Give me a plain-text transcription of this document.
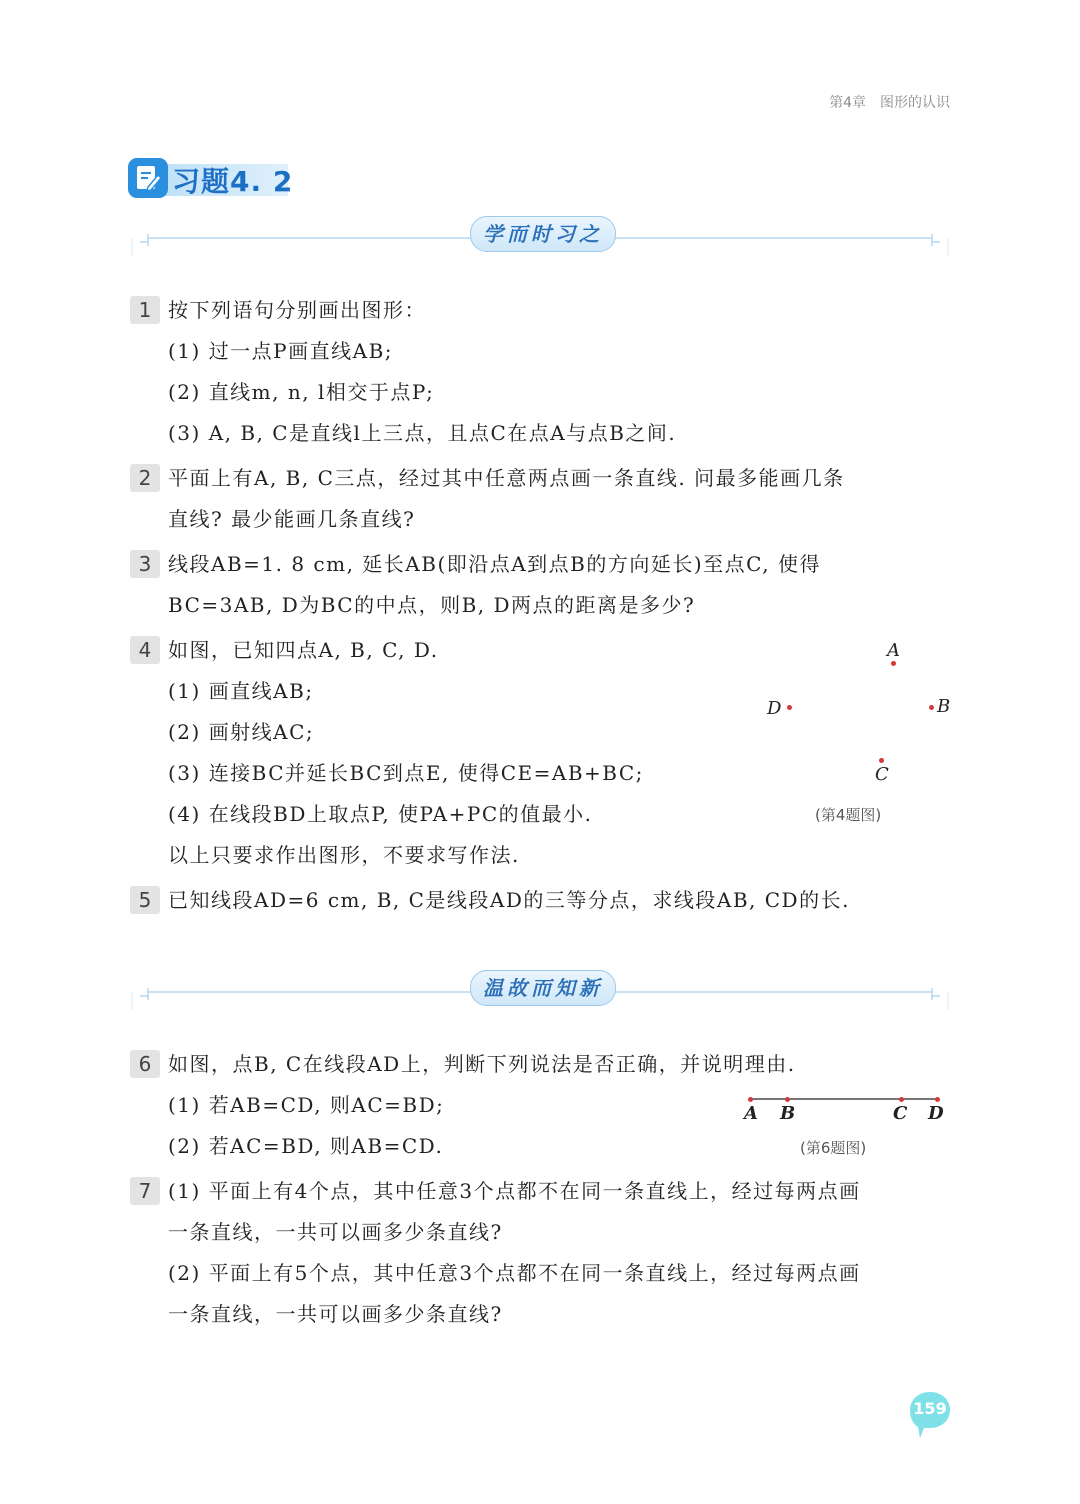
第4章 图形的认识
习题4. 2
学而时习之
1 按下列语句分别画出图形：
(1) 过一点P画直线AB;
(2) 直线m, n, l相交于点P;
(3) A, B, C是直线l上三点，且点C在点A与点B之间.
2 平面上有A, B, C三点，经过其中任意两点画一条直线. 问最多能画几条
直线? 最少能画几条直线?
3 线段AB=1. 8 cm, 延长AB(即沿点A到点B的方向延长)至点C, 使得
BC=3AB, D为BC的中点，则B, D两点的距离是多少?
4 如图，已知四点A, B, C, D.
(1) 画直线AB;
(2) 画射线AC;
(3) 连接BC并延长BC到点E, 使得CE=AB+BC;
(4) 在线段BD上取点P, 使PA+PC的值最小.
以上只要求作出图形，不要求写作法.
A
D	B
C
(第4题图)
5 已知线段AD=6 cm, B, C是线段AD的三等分点，求线段AB, CD的长.
温故而知新
6 如图，点B, C在线段AD上，判断下列说法是否正确，并说明理由.
(1) 若AB=CD, 则AC=BD;
(2) 若AC=BD, 则AB=CD.
A B	C D
(第6题图)
7 (1) 平面上有4个点，其中任意3个点都不在同一条直线上，经过每两点画
一条直线，一共可以画多少条直线?
(2) 平面上有5个点，其中任意3个点都不在同一条直线上，经过每两点画
一条直线，一共可以画多少条直线?
159
